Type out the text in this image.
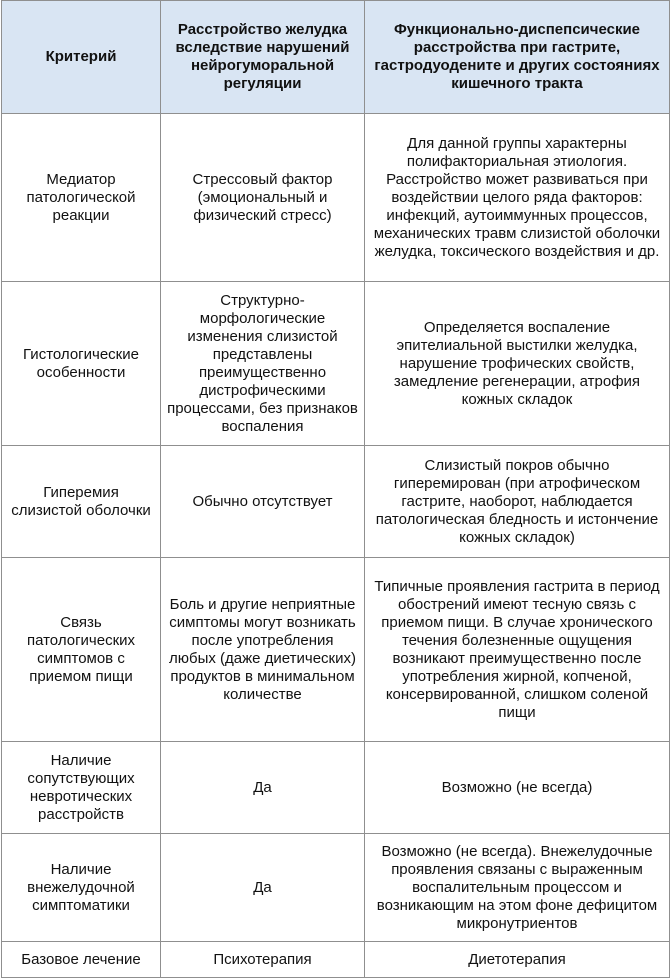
Критерий	Расстройство желудка вследствие нарушений нейрогуморальной регуляции	Функционально-диспепсические расстройства при гастрите, гастродуодените и других состояниях кишечного тракта
Медиатор патологической реакции	Стрессовый фактор (эмоциональный и физический стресс)	Для данной группы характерны полифакториальная этиология. Расстройство может развиваться при воздействии целого ряда факторов: инфекций, аутоиммунных процессов, механических травм слизистой оболочки желудка, токсического воздействия и др.
Гистологические особенности	Структурно-морфологические изменения слизистой представлены преимущественно дистрофическими процессами, без признаков воспаления	Определяется воспаление эпителиальной выстилки желудка, нарушение трофических свойств, замедление регенерации, атрофия кожных складок
Гиперемия слизистой оболочки	Обычно отсутствует	Слизистый покров обычно гиперемирован (при атрофическом гастрите, наоборот, наблюдается патологическая бледность и истончение кожных складок)
Связь патологических симптомов с приемом пищи	Боль и другие неприятные симптомы могут возникать после употребления любых (даже диетических) продуктов в минимальном количестве	Типичные проявления гастрита в период обострений имеют тесную связь с приемом пищи. В случае хронического течения болезненные ощущения возникают преимущественно после употребления жирной, копченой, консервированной, слишком соленой пищи
Наличие сопутствующих невротических расстройств	Да	Возможно (не всегда)
Наличие внежелудочной симптоматики	Да	Возможно (не всегда). Внежелудочные проявления связаны с выраженным воспалительным процессом и возникающим на этом фоне дефицитом микронутриентов
Базовое лечение	Психотерапия	Диетотерапия
